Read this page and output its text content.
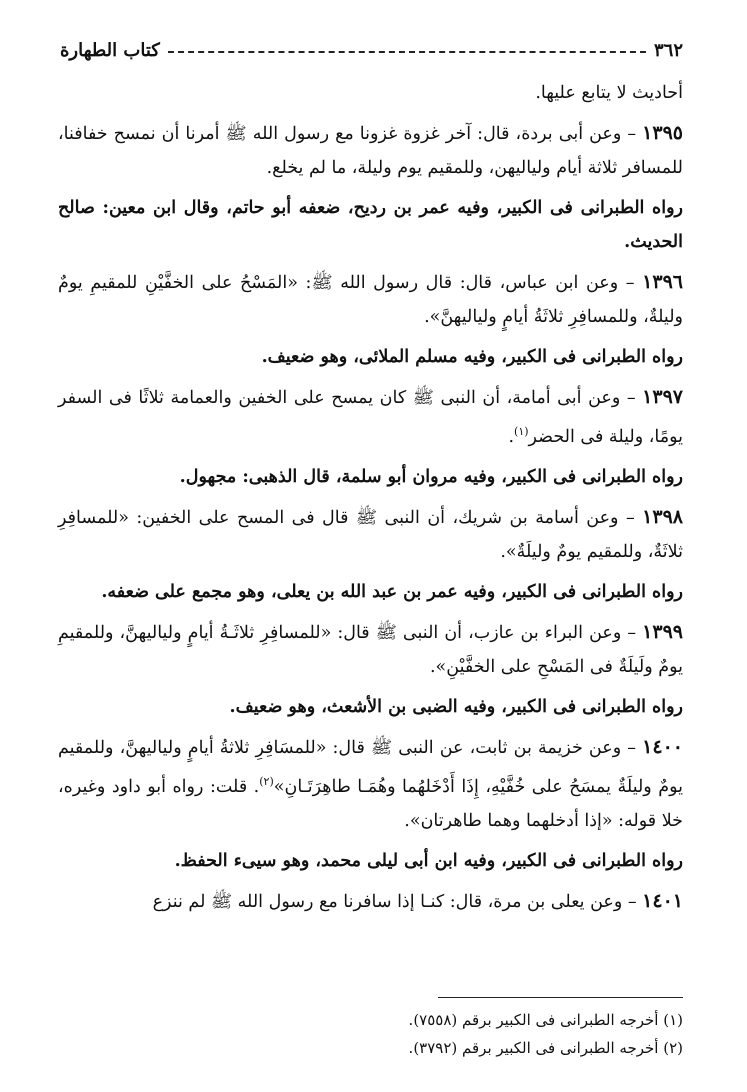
٣٦٢
كتاب الطهارة

أحاديث لا يتابع عليها.

١٣٩٥ – وعن أبى بردة، قال: آخر غزوة غزونا مع رسول الله ﷺ أمرنا أن نمسح خفافنا، للمسافر ثلاثة أيام ولياليهن، وللمقيم يوم وليلة، ما لم يخلع.

رواه الطبرانى فى الكبير، وفيه عمر بن رديح، ضعفه أبو حاتم، وقال ابن معين: صالح الحديث.

١٣٩٦ – وعن ابن عباس، قال: قال رسول الله ﷺ: «المَسْحُ على الخفَّيْنِ للمقيمِ يومٌ وليلةٌ، وللمسافِرِ ثلاثَةُ أيامٍ ولياليهنَّ».

رواه الطبرانى فى الكبير، وفيه مسلم الملائى، وهو ضعيف.

١٣٩٧ – وعن أبى أمامة، أن النبى ﷺ كان يمسح على الخفين والعمامة ثلاثًا فى السفر يومًا، وليلة فى الحضر$^{(١)}$.

رواه الطبرانى فى الكبير، وفيه مروان أبو سلمة، قال الذهبى: مجهول.

١٣٩٨ – وعن أسامة بن شريك، أن النبى ﷺ قال فى المسح على الخفين: «للمسافِرِ ثلاثَةٌ، وللمقيم يومٌ وليلَةٌ».

رواه الطبرانى فى الكبير، وفيه عمر بن عبد الله بن يعلى، وهو مجمع على ضعفه.

١٣٩٩ – وعن البراء بن عازب، أن النبى ﷺ قال: «للمسافِرِ ثلاثَـةُ أيامٍ ولياليهنَّ، وللمقيمِ يومٌ ولَيلَةٌ فى المَسْحِ على الخفَّيْنِ».

رواه الطبرانى فى الكبير، وفيه الضبى بن الأشعث، وهو ضعيف.

١٤٠٠ – وعن خزيمة بن ثابت، عن النبى ﷺ قال: «للمسَافِرِ ثلاثةُ أيامٍ ولياليهنَّ، وللمقيم يومٌ وليلَةٌ يمسَحُ على خُفَّيْهِ، إِذَا أَدْخَلهُما وهُمَـا طاهِرَتَـانِ»$^{(٢)}$. قلت: رواه أبو داود وغيره، خلا قوله: «إذا أدخلهما وهما طاهرتان».

رواه الطبرانى فى الكبير، وفيه ابن أبى ليلى محمد، وهو سيىء الحفظ.

١٤٠١ – وعن يعلى بن مرة، قال: كنـا إذا سافرنا مع رسول الله ﷺ لم ننزع

(١) أخرجه الطبرانى فى الكبير برقم (٧٥٥٨).
(٢) أخرجه الطبرانى فى الكبير برقم (٣٧٩٢).
